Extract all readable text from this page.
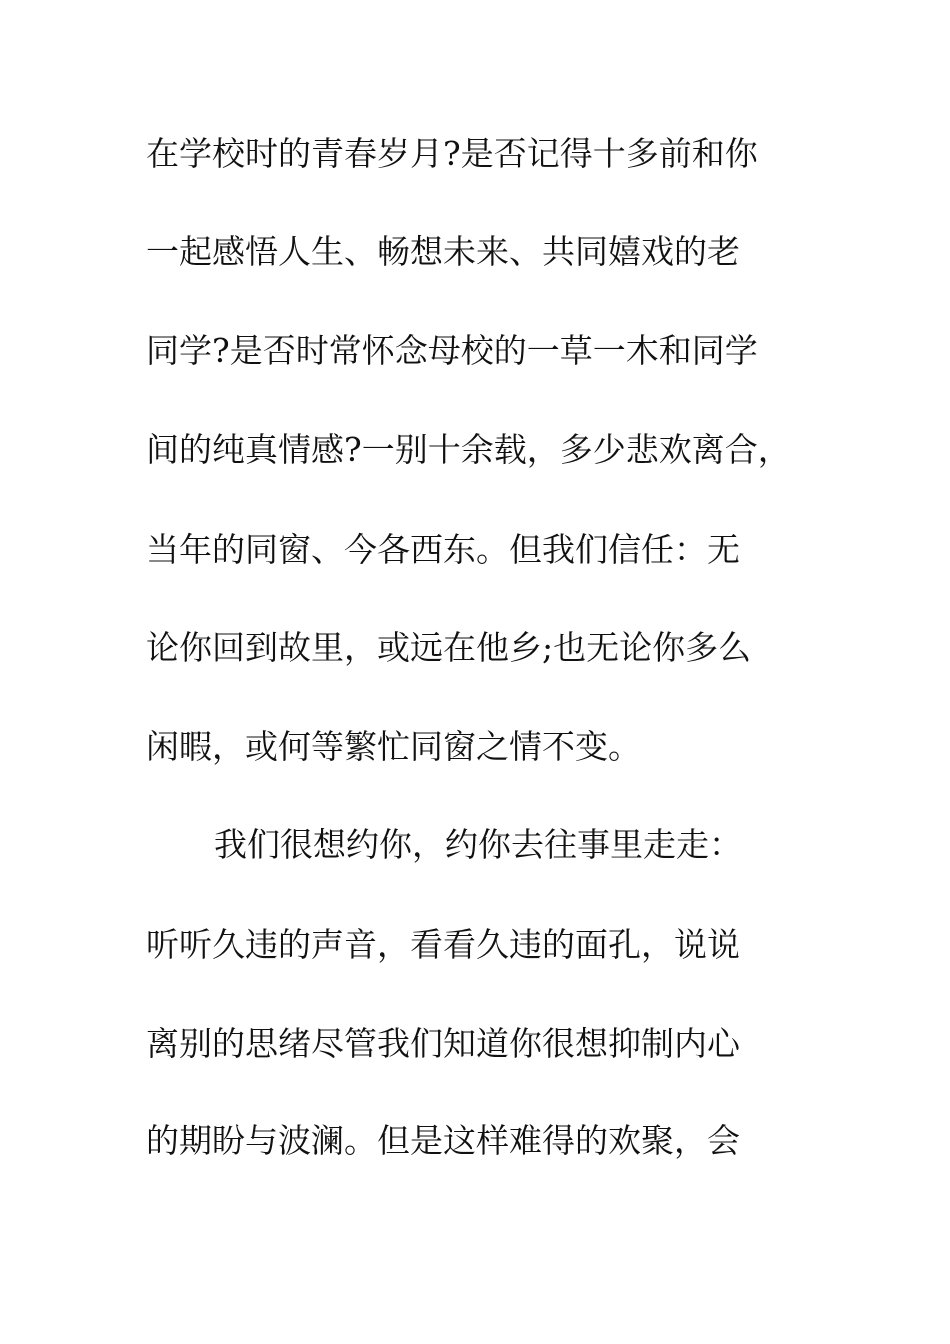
在学校时的青春岁月?是否记得十多前和你
一起感悟人生、畅想未来、共同嬉戏的老
同学?是否时常怀念母校的一草一木和同学
间的纯真情感?一别十余载，多少悲欢离合，
当年的同窗、今各西东。但我们信任：无
论你回到故里，或远在他乡;也无论你多么
闲暇，或何等繁忙同窗之情不变。
我们很想约你，约你去往事里走走：
听听久违的声音，看看久违的面孔，说说
离别的思绪尽管我们知道你很想抑制内心
的期盼与波澜。但是这样难得的欢聚，会
